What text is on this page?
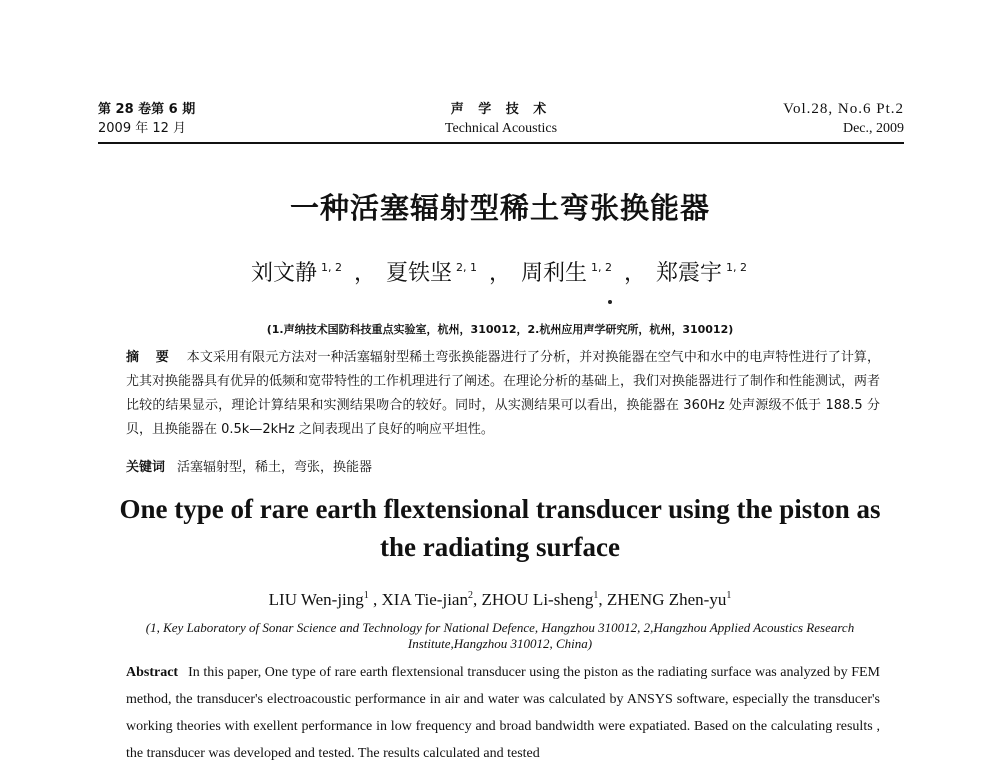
第 28 卷第 6 期
2009 年 12 月
声 学 技 术
Technical Acoustics
Vol.28, No.6 Pt.2
Dec., 2009
一种活塞辐射型稀土弯张换能器
刘文静 $^{1, 2}$ ， 夏铁坚 $^{2, 1}$ ， 周利生 $^{1, 2}$ ， 郑震宇 $^{1, 2}$
(1.声纳技术国防科技重点实验室，杭州，310012，2.杭州应用声学研究所，杭州，310012)
摘 要 本文采用有限元方法对一种活塞辐射型稀土弯张换能器进行了分析，并对换能器在空气中和水中的电声特性进行了计算，尤其对换能器具有优异的低频和宽带特性的工作机理进行了阐述。在理论分析的基础上，我们对换能器进行了制作和性能测试，两者比较的结果显示，理论计算结果和实测结果吻合的较好。同时，从实测结果可以看出，换能器在 360Hz 处声源级不低于 188.5 分贝，且换能器在 0.5k—2kHz 之间表现出了良好的响应平坦性。
关键词 活塞辐射型，稀土，弯张，换能器
One type of rare earth flextensional transducer using the piston as the radiating surface
LIU Wen-jing$^1$ , XIA Tie-jian$^2$, ZHOU Li-sheng$^1$, ZHENG Zhen-$yu^1$
(1, Key Laboratory of Sonar Science and Technology for National Defence, Hangzhou 310012, 2,Hangzhou Applied Acoustics Research Institute,Hangzhou 310012, China)
Abstract In this paper, One type of rare earth flextensional transducer using the piston as the radiating surface was analyzed by FEM method, the transducer's electroacoustic performance in air and water was calculated by ANSYS software, especially the transducer's working theories with exellent performance in low frequency and broad bandwidth were expatiated. Based on the calculating results , the transducer was developed and tested. The results calculated and tested
